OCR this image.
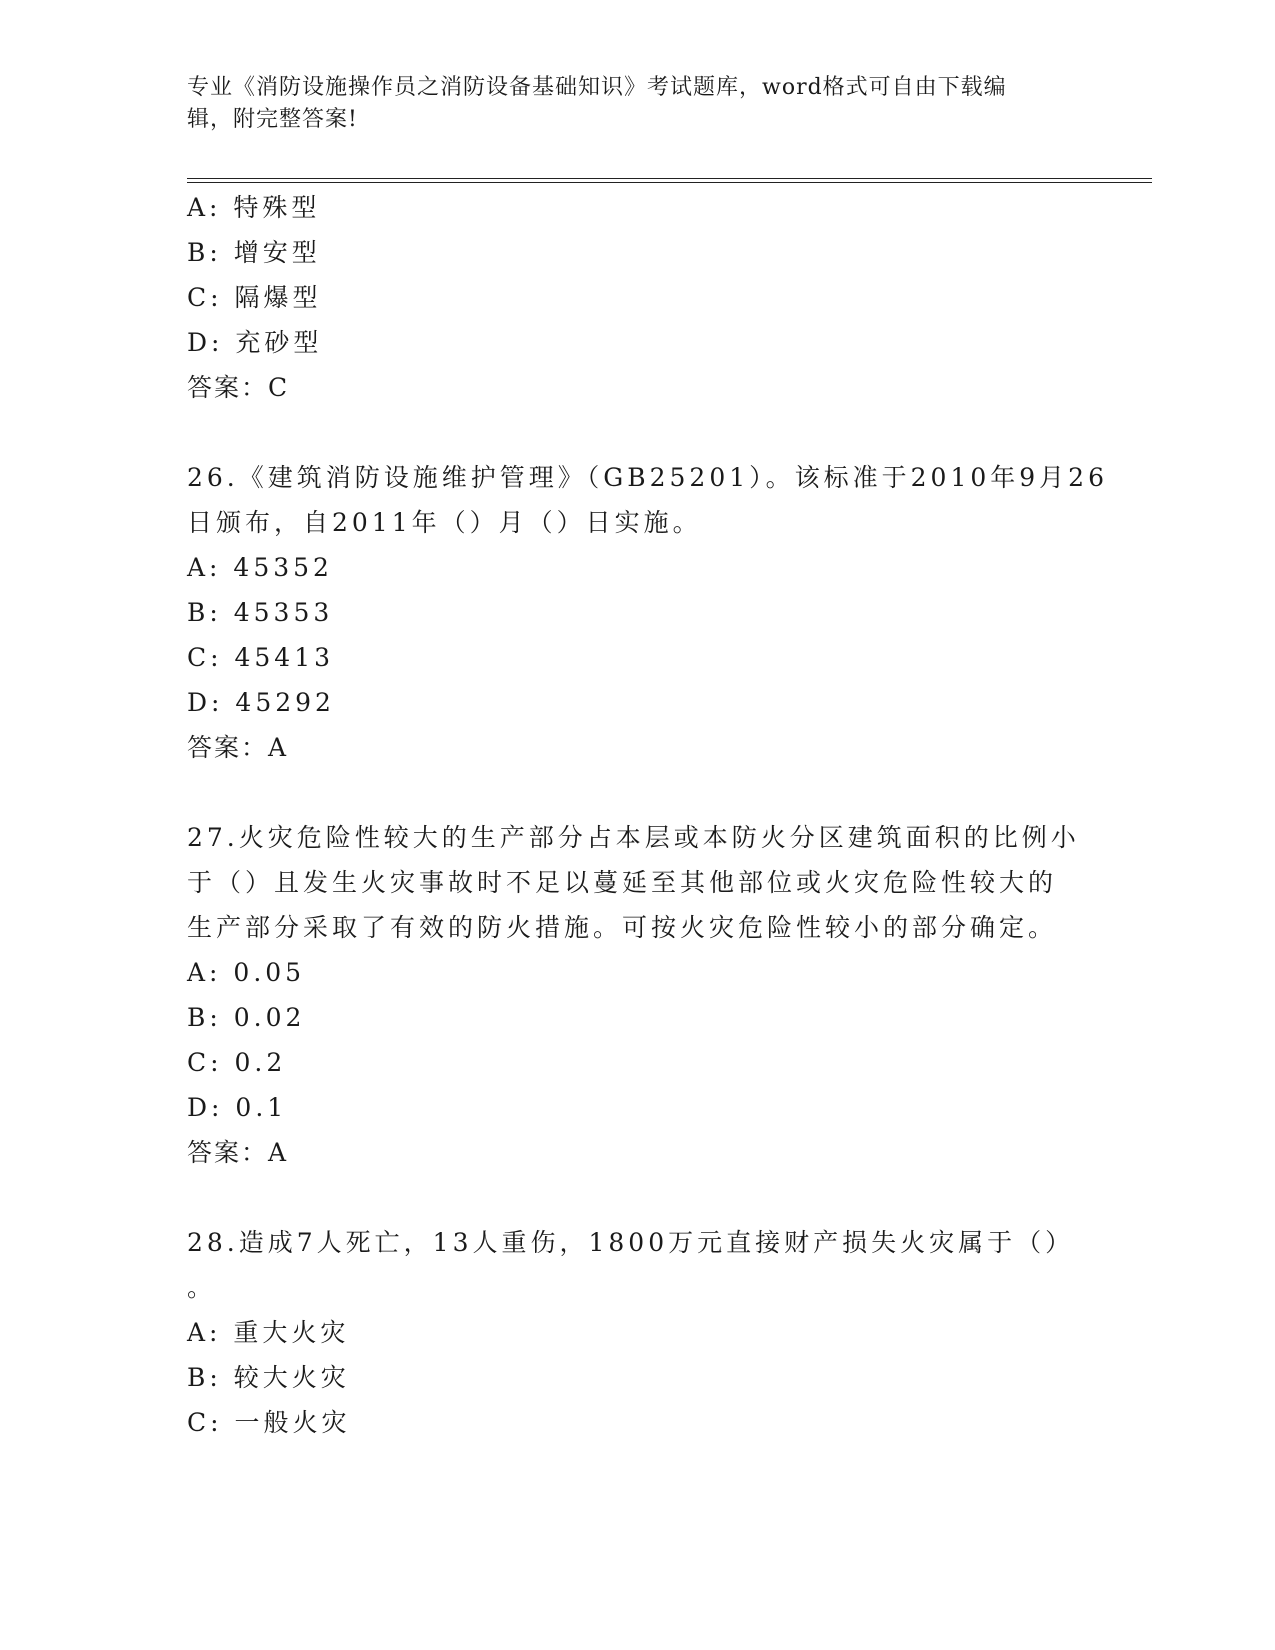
专业《消防设施操作员之消防设备基础知识》考试题库，word格式可自由下载编
辑，附完整答案!
A: 特殊型
B: 增安型
C: 隔爆型
D: 充砂型
答案：C
26.《建筑消防设施维护管理》（GB25201）。该标准于2010年9月26
日颁布，自2011年（）月（）日实施。
A: 45352
B: 45353
C: 45413
D: 45292
答案：A
27.火灾危险性较大的生产部分占本层或本防火分区建筑面积的比例小
于（）且发生火灾事故时不足以蔓延至其他部位或火灾危险性较大的
生产部分采取了有效的防火措施。可按火灾危险性较小的部分确定。
A: 0.05
B: 0.02
C: 0.2
D: 0.1
答案：A
28.造成7人死亡，13人重伤，1800万元直接财产损失火灾属于（）
。
A: 重大火灾
B: 较大火灾
C: 一般火灾
